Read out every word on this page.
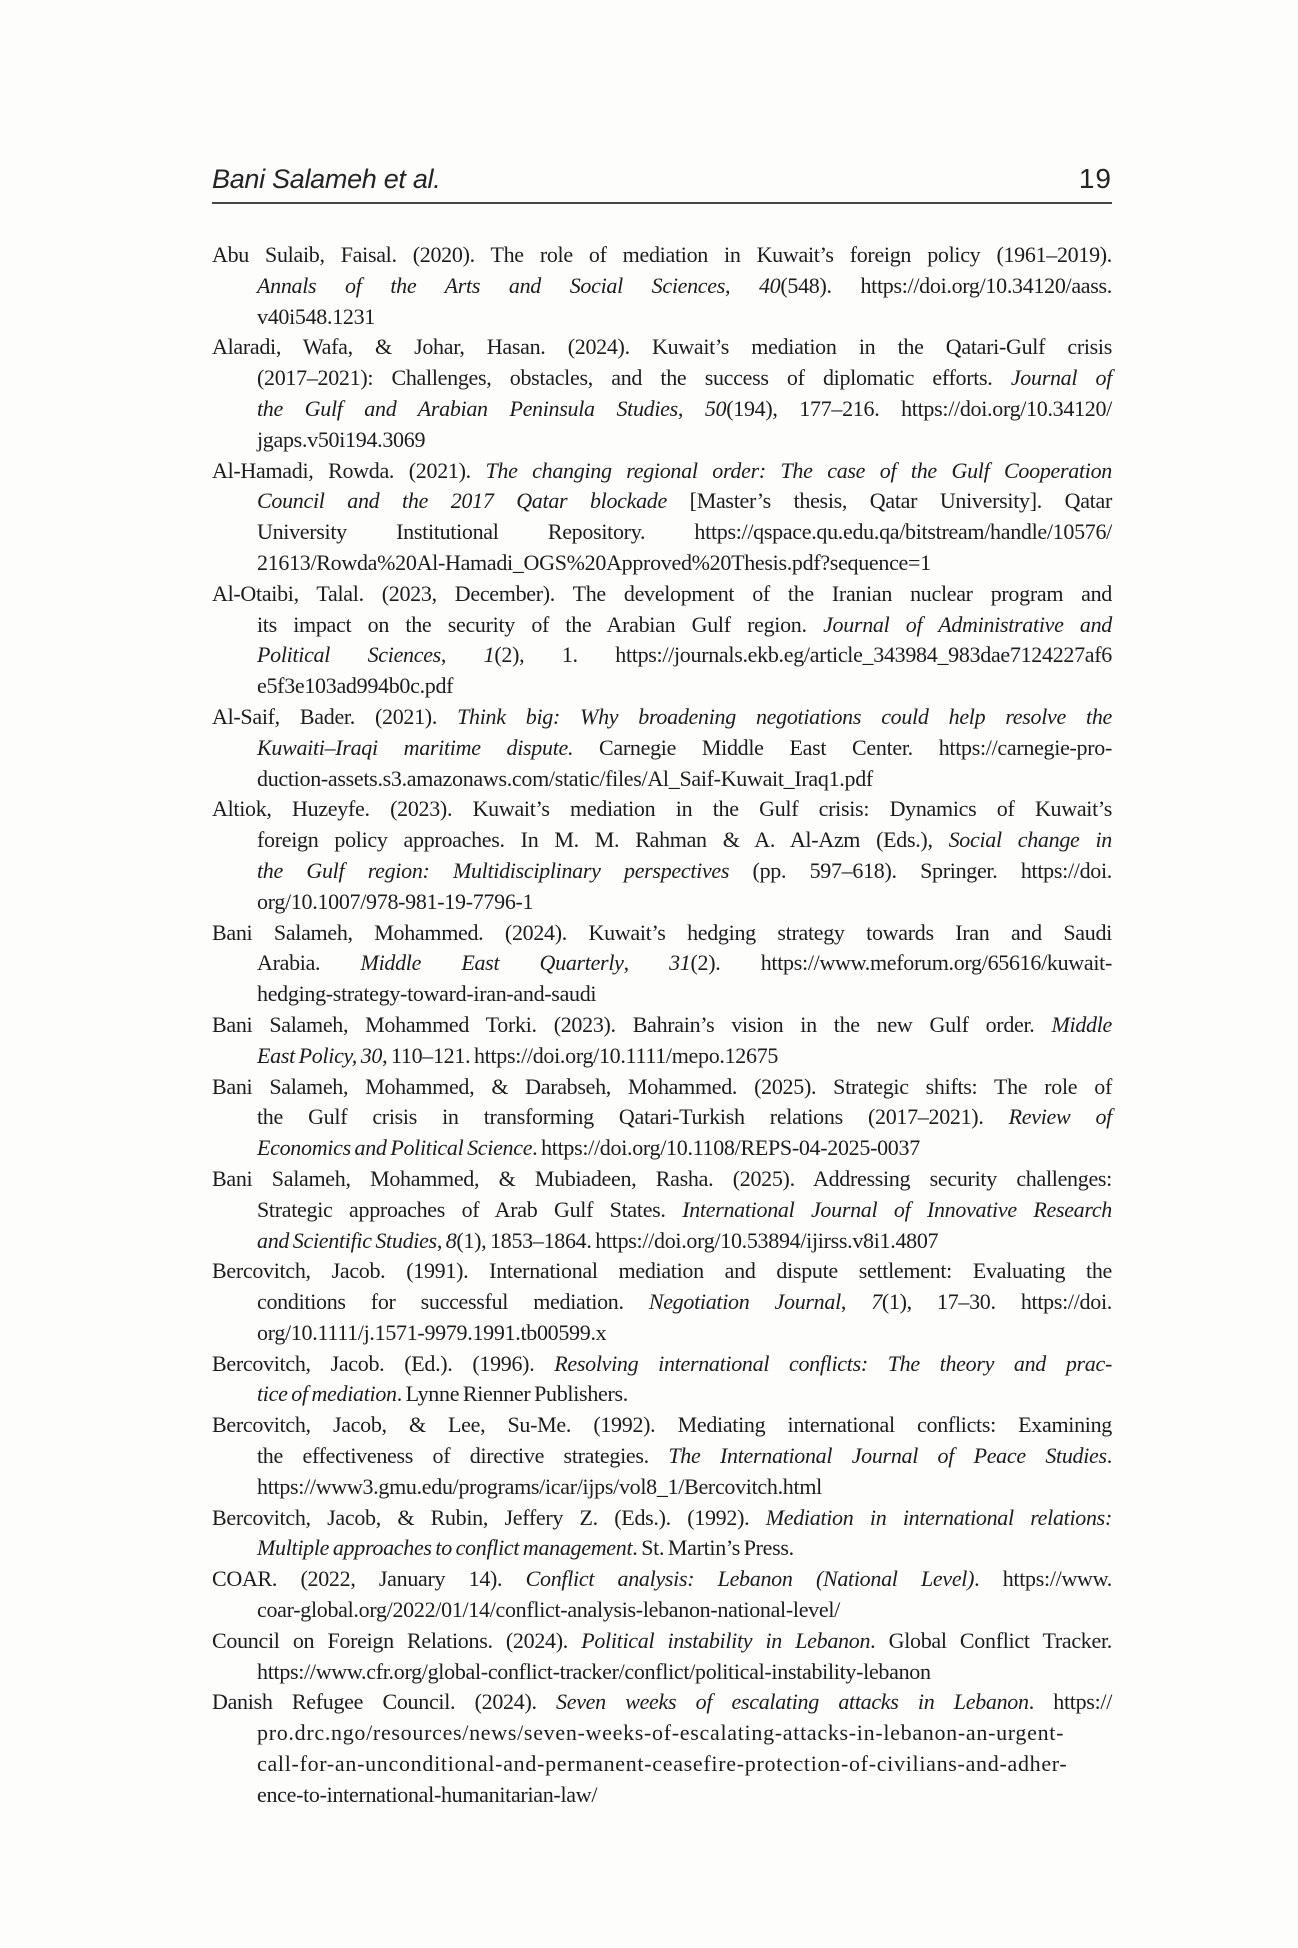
Bani Salameh et al.	19
Abu Sulaib, Faisal. (2020). The role of mediation in Kuwait’s foreign policy (1961–2019).
Annals of the Arts and Social Sciences, 40(548). https://doi.org/10.34120/aass.
v40i548.1231
Alaradi, Wafa, & Johar, Hasan. (2024). Kuwait’s mediation in the Qatari-Gulf crisis
(2017–2021): Challenges, obstacles, and the success of diplomatic efforts. Journal of
the Gulf and Arabian Peninsula Studies, 50(194), 177–216. https://doi.org/10.34120/
jgaps.v50i194.3069
Al-Hamadi, Rowda. (2021). The changing regional order: The case of the Gulf Cooperation
Council and the 2017 Qatar blockade [Master’s thesis, Qatar University]. Qatar
University Institutional Repository. https://qspace.qu.edu.qa/bitstream/handle/10576/
21613/Rowda%20Al-Hamadi_OGS%20Approved%20Thesis.pdf?sequence=1
Al-Otaibi, Talal. (2023, December). The development of the Iranian nuclear program and
its impact on the security of the Arabian Gulf region. Journal of Administrative and
Political Sciences, 1(2), 1. https://journals.ekb.eg/article_343984_983dae7124227af6
e5f3e103ad994b0c.pdf
Al-Saif, Bader. (2021). Think big: Why broadening negotiations could help resolve the
Kuwaiti–Iraqi maritime dispute. Carnegie Middle East Center. https://carnegie-pro-
duction-assets.s3.amazonaws.com/static/files/Al_Saif-Kuwait_Iraq1.pdf
Altiok, Huzeyfe. (2023). Kuwait’s mediation in the Gulf crisis: Dynamics of Kuwait’s
foreign policy approaches. In M. M. Rahman & A. Al-Azm (Eds.), Social change in
the Gulf region: Multidisciplinary perspectives (pp. 597–618). Springer. https://doi.
org/10.1007/978-981-19-7796-1
Bani Salameh, Mohammed. (2024). Kuwait’s hedging strategy towards Iran and Saudi
Arabia. Middle East Quarterly, 31(2). https://www.meforum.org/65616/kuwait-
hedging-strategy-toward-iran-and-saudi
Bani Salameh, Mohammed Torki. (2023). Bahrain’s vision in the new Gulf order. Middle
East Policy, 30, 110–121. https://doi.org/10.1111/mepo.12675
Bani Salameh, Mohammed, & Darabseh, Mohammed. (2025). Strategic shifts: The role of
the Gulf crisis in transforming Qatari-Turkish relations (2017–2021). Review of
Economics and Political Science. https://doi.org/10.1108/REPS-04-2025-0037
Bani Salameh, Mohammed, & Mubiadeen, Rasha. (2025). Addressing security challenges:
Strategic approaches of Arab Gulf States. International Journal of Innovative Research
and Scientific Studies, 8(1), 1853–1864. https://doi.org/10.53894/ijirss.v8i1.4807
Bercovitch, Jacob. (1991). International mediation and dispute settlement: Evaluating the
conditions for successful mediation. Negotiation Journal, 7(1), 17–30. https://doi.
org/10.1111/j.1571-9979.1991.tb00599.x
Bercovitch, Jacob. (Ed.). (1996). Resolving international conflicts: The theory and prac-
tice of mediation. Lynne Rienner Publishers.
Bercovitch, Jacob, & Lee, Su-Me. (1992). Mediating international conflicts: Examining
the effectiveness of directive strategies. The International Journal of Peace Studies.
https://www3.gmu.edu/programs/icar/ijps/vol8_1/Bercovitch.html
Bercovitch, Jacob, & Rubin, Jeffery Z. (Eds.). (1992). Mediation in international relations:
Multiple approaches to conflict management. St. Martin’s Press.
COAR. (2022, January 14). Conflict analysis: Lebanon (National Level). https://www.
coar-global.org/2022/01/14/conflict-analysis-lebanon-national-level/
Council on Foreign Relations. (2024). Political instability in Lebanon. Global Conflict Tracker.
https://www.cfr.org/global-conflict-tracker/conflict/political-instability-lebanon
Danish Refugee Council. (2024). Seven weeks of escalating attacks in Lebanon. https://
pro.drc.ngo/resources/news/seven-weeks-of-escalating-attacks-in-lebanon-an-urgent-
call-for-an-unconditional-and-permanent-ceasefire-protection-of-civilians-and-adher-
ence-to-international-humanitarian-law/
